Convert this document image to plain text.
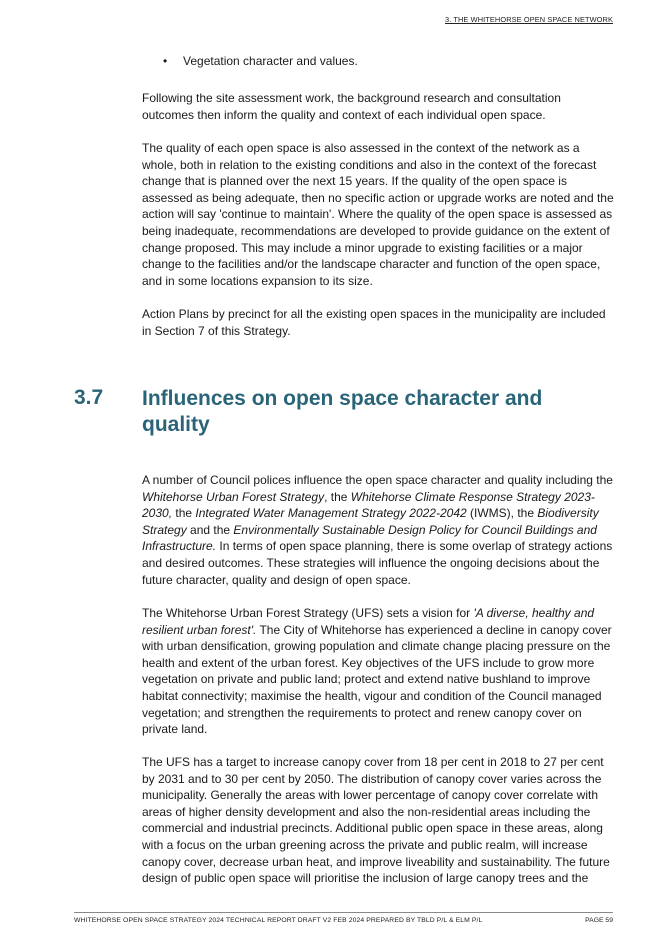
3. THE WHITEHORSE OPEN SPACE NETWORK
• Vegetation character and values.

Following the site assessment work, the background research and consultation outcomes then inform the quality and context of each individual open space.

The quality of each open space is also assessed in the context of the network as a whole, both in relation to the existing conditions and also in the context of the forecast change that is planned over the next 15 years. If the quality of the open space is assessed as being adequate, then no specific action or upgrade works are noted and the action will say 'continue to maintain'. Where the quality of the open space is assessed as being inadequate, recommendations are developed to provide guidance on the extent of change proposed. This may include a minor upgrade to existing facilities or a major change to the facilities and/or the landscape character and function of the open space, and in some locations expansion to its size.

Action Plans by precinct for all the existing open spaces in the municipality are included in Section 7 of this Strategy.

3.7 Influences on open space character and quality

A number of Council polices influence the open space character and quality including the Whitehorse Urban Forest Strategy, the Whitehorse Climate Response Strategy 2023-2030, the Integrated Water Management Strategy 2022-2042 (IWMS), the Biodiversity Strategy and the Environmentally Sustainable Design Policy for Council Buildings and Infrastructure. In terms of open space planning, there is some overlap of strategy actions and desired outcomes. These strategies will influence the ongoing decisions about the future character, quality and design of open space.

The Whitehorse Urban Forest Strategy (UFS) sets a vision for 'A diverse, healthy and resilient urban forest'. The City of Whitehorse has experienced a decline in canopy cover with urban densification, growing population and climate change placing pressure on the health and extent of the urban forest. Key objectives of the UFS include to grow more vegetation on private and public land; protect and extend native bushland to improve habitat connectivity; maximise the health, vigour and condition of the Council managed vegetation; and strengthen the requirements to protect and renew canopy cover on private land.

The UFS has a target to increase canopy cover from 18 per cent in 2018 to 27 per cent by 2031 and to 30 per cent by 2050. The distribution of canopy cover varies across the municipality. Generally the areas with lower percentage of canopy cover correlate with areas of higher density development and also the non-residential areas including the commercial and industrial precincts. Additional public open space in these areas, along with a focus on the urban greening across the private and public realm, will increase canopy cover, decrease urban heat, and improve liveability and sustainability. The future design of public open space will prioritise the inclusion of large canopy trees and the

WHITEHORSE OPEN SPACE STRATEGY 2024 TECHNICAL REPORT DRAFT V2 FEB 2024 PREPARED BY TBLD P/L & ELM P/L	PAGE 59
